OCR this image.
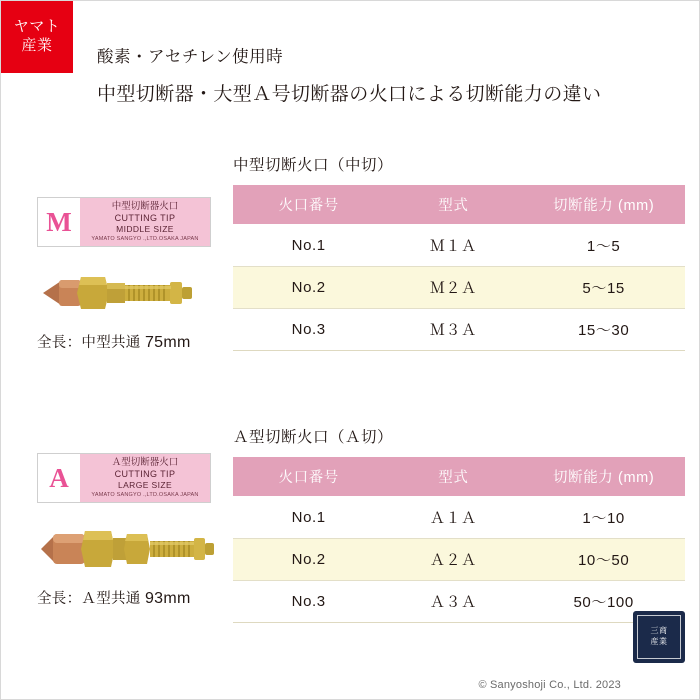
ヤマト
産業
酸素・アセチレン使用時
中型切断器・大型Ａ号切断器の火口による切断能力の違い
中型切断火口（中切）
火口番号	型式	切断能力 (mm)
No.1	Ｍ１Ａ	1〜5
No.2	Ｍ２Ａ	5〜15
No.3	Ｍ３Ａ	15〜30
M
中型切断器火口
CUTTING TIP
MIDDLE SIZE
YAMATO SANGYO .,LTD.OSAKA JAPAN
全長：中型共通 75mm
Ａ型切断火口（Ａ切）
火口番号	型式	切断能力 (mm)
No.1	Ａ１Ａ	1〜10
No.2	Ａ２Ａ	10〜50
No.3	Ａ３Ａ	50〜100
A
Ａ型切断器火口
CUTTING TIP
LARGE SIZE
YAMATO SANGYO .,LTD.OSAKA JAPAN
全長：Ａ型共通 93mm
三商
産業
© Sanyoshoji Co., Ltd. 2023
